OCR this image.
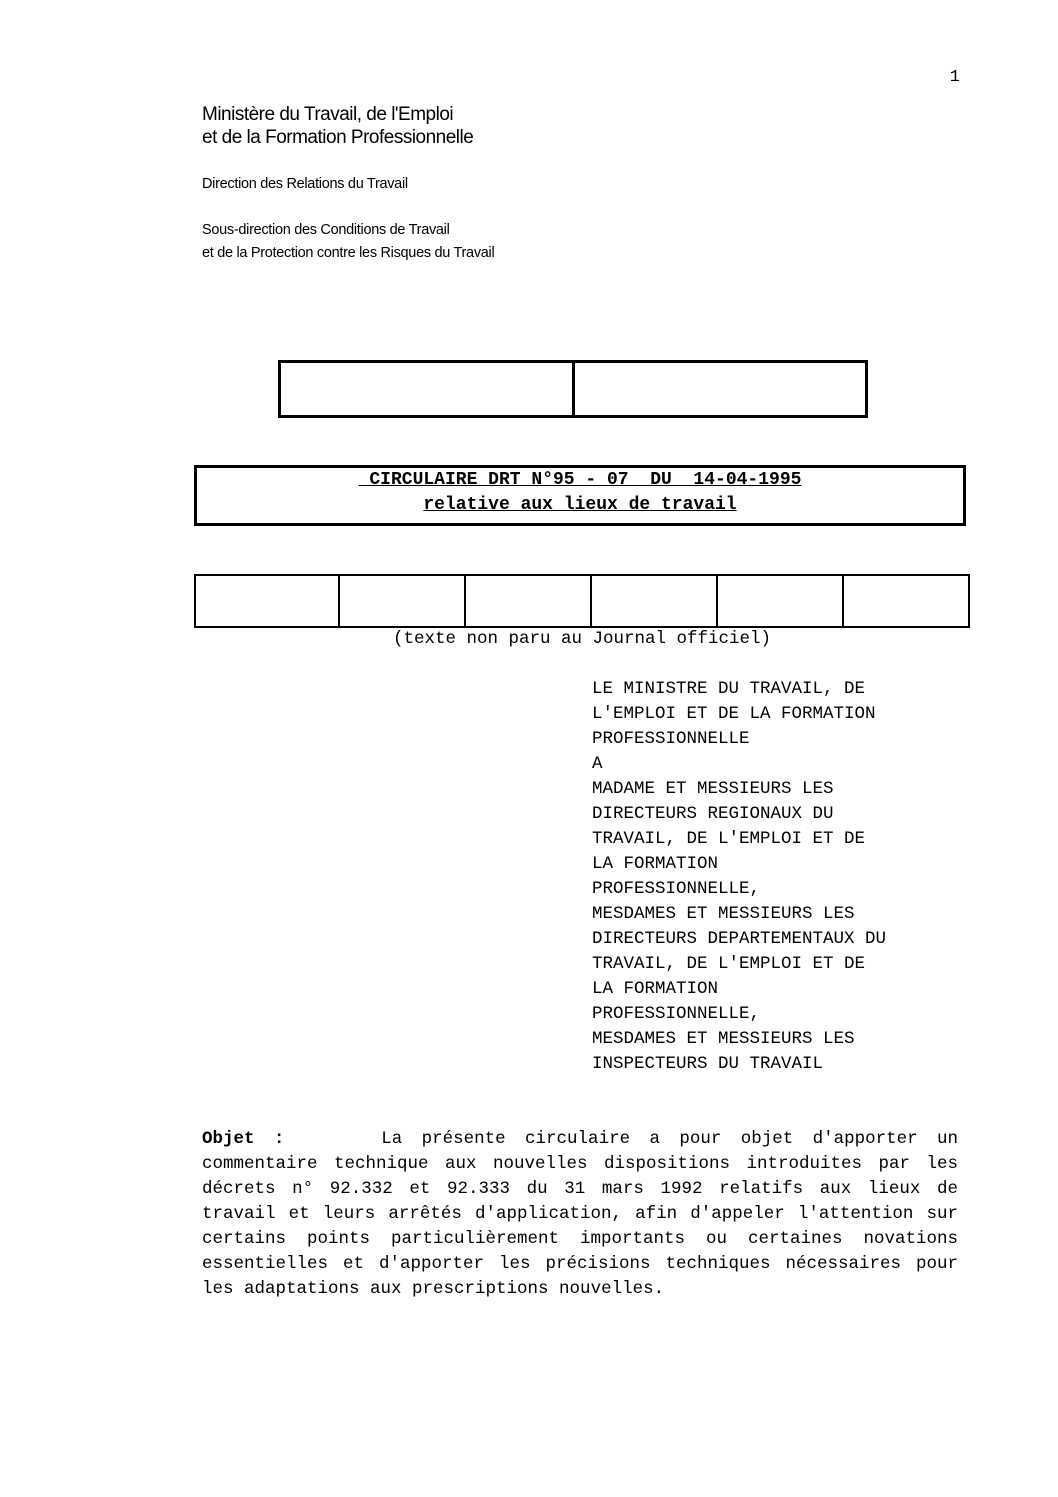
1
Ministère du Travail, de l'Emploi
et de la Formation Professionnelle
Direction des Relations du Travail
Sous-direction des Conditions de Travail
et de la Protection contre les Risques du Travail
CIRCULAIRE DRT N°95 - 07  DU  14-04-1995
relative aux lieux de travail
(texte non paru au Journal officiel)
LE MINISTRE DU TRAVAIL, DE
L'EMPLOI ET DE LA FORMATION
PROFESSIONNELLE
A
MADAME ET MESSIEURS LES
DIRECTEURS REGIONAUX DU
TRAVAIL, DE L'EMPLOI ET DE
LA FORMATION
PROFESSIONNELLE,
MESDAMES ET MESSIEURS LES
DIRECTEURS DEPARTEMENTAUX DU
TRAVAIL, DE L'EMPLOI ET DE
LA FORMATION
PROFESSIONNELLE,
MESDAMES ET MESSIEURS LES
INSPECTEURS DU TRAVAIL
Objet :	La présente circulaire a pour objet d'apporter un commentaire technique aux nouvelles dispositions introduites par les décrets n° 92.332 et 92.333 du 31 mars 1992 relatifs aux lieux de travail et leurs arrêtés d'application, afin d'appeler l'attention sur certains points particulièrement importants ou certaines novations essentielles et d'apporter les précisions techniques nécessaires pour les adaptations aux prescriptions nouvelles.
